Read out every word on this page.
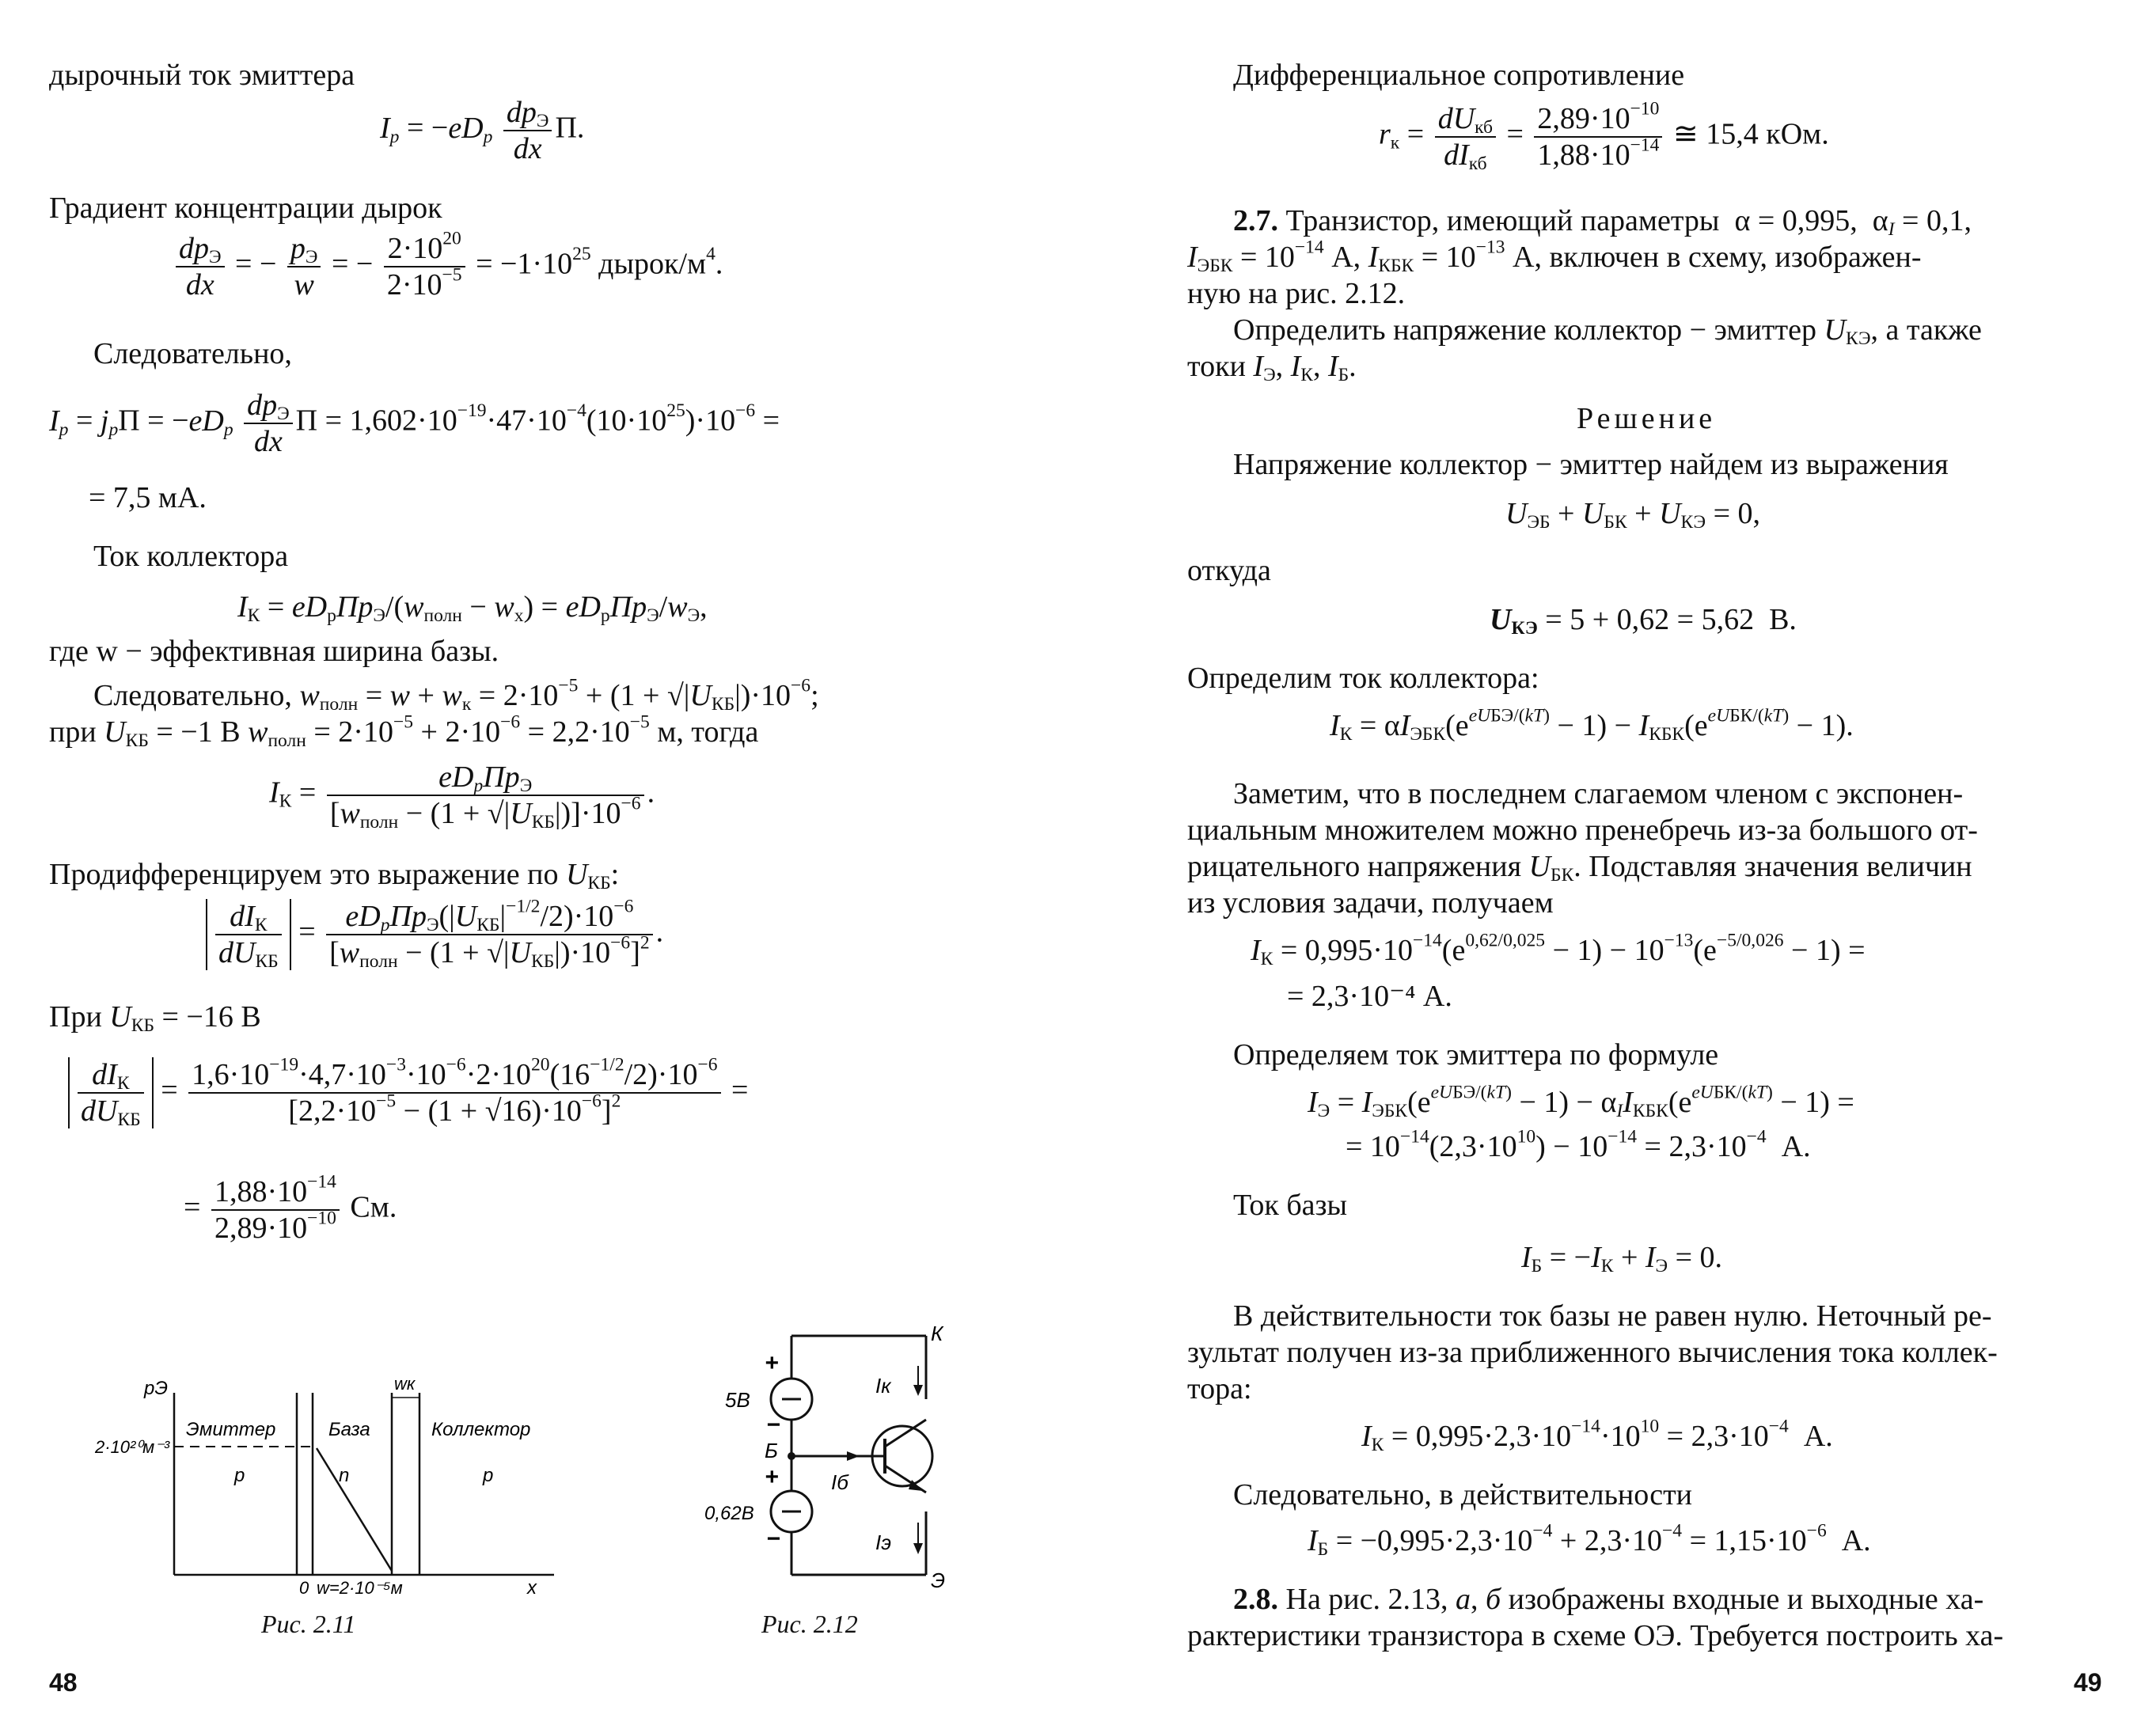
дырочный ток эмиттера
$I_p = -eD_p \frac{dp_Э}{dx} П$.
Градиент концентрации дырок
$\frac{dp_Э}{dx}$ = − $\frac{p_Э}{w}$ = − $\frac{2\cdot 10^{20}}{2\cdot 10^{-5}} = -1\cdot 10^{25}$ дырок/$м^4$.
Следовательно,
$I_p = j_pП = -eD_p \frac{dp_Э}{dx}$ $П = 1,602\cdot 10^{-19}\cdot 47\cdot 10^{-4}(10\cdot 10^{25})\cdot 10^{-6}$ =
= 7,5 мА.
Ток коллектора
$I_К = eD_pПp_Э/(w_{полн} - w_x) = eD_pПp_Э/w_Э$,
где w − эффективная ширина базы.
Следовательно, $w_{полн} = w + w_к = 2\cdot 10^{-5} + (1 + √|U_{КБ}|)\cdot 10^{-6}$;
при $U_{КБ} = -1$ В $w_{полн} = 2\cdot 10^{-5} + 2\cdot 10^{-6} = 2,2\cdot 10^{-5}$ м, тогда
$I_К = \frac{eD_pПp_Э}{[w_{полн} - (1 + √|U_{КБ}|)]\cdot 10^{-6}}$ .
Продифференцируем это выражение по $U_{КБ}$:
$\frac{dI_К}{dU_{КБ}} = \frac{eD_pПp_Э(|U_{КБ}|^{-1/2}/2)\cdot 10^{-6}}{[w_{полн} - (1 + √|U_{КБ}|)\cdot 10^{-6}]^2}$ .
При $U_{КБ} = -16$ В
$\frac{dI_К}{dU_{КБ}} = \frac{1,6\cdot 10^{-19}\cdot 4,7\cdot 10^{-3}\cdot 10^{-6}\cdot 2\cdot 10^{20}(16^{-1/2}/2)\cdot 10^{-6}}{[2,2\cdot 10^{-5} - (1 + √16)\cdot 10^{-6}]^2}$ =
= $\frac{1,88\cdot 10^{-14}}{2,89\cdot 10^{-10}}$ См.
pЭ
2·10²⁰м⁻³
Эмиттер	База	Коллектор
p	n	p
wк
0 w=2·10⁻⁵м	x
Рис. 2.11
К
Э
Б
5В
0,62В
+
−
+
−
Iк
Iб
Iэ
Рис. 2.12
48
Дифференциальное сопротивление
$r_к = \frac{dU_{кб}}{dI_{кб}} = \frac{2,89\cdot 10^{-10}}{1,88\cdot 10^{-14}}$ ≅ 15,4 кОм.
2.7. Транзистор, имеющий параметры  α = 0,995,  $\alpha_I = 0,1$,
$I_{ЭБК} = 10^{-14}$ А, $I_{КБК} = 10^{-13}$ А, включен в схему, изображен-
ную на рис. 2.12.
Определить напряжение коллектор − эмиттер $U_{КЭ}$, а также
токи $I_Э$, $I_К$, $I_Б$.
Решение
Напряжение коллектор − эмиттер найдем из выражения
$U_{ЭБ} + U_{БК} + U_{КЭ} = 0$,
откуда
$U_{КЭ} = 5 + 0,62 = 5,62$  В.
Определим ток коллектора:
$I_К = \alpha I_{ЭБК}(e^{eUБЭ/(kT)} - 1) - I_{КБК}(e^{eUБК/(kT)} - 1)$.
Заметим, что в последнем слагаемом членом с экспонен-
циальным множителем можно пренебречь из-за большого от-
рицательного напряжения $U_{БК}$. Подставляя значения величин
из условия задачи, получаем
$I_К = 0,995\cdot 10^{-14}(e^{0,62/0,025} - 1) - 10^{-13}(e^{-5/0,026} - 1)$ =
= 2,3·10⁻⁴ А.
Определяем ток эмиттера по формуле
$I_Э = I_{ЭБК}(e^{eUБЭ/(kT)} - 1) - \alpha_II_{КБК}(e^{eUБК/(kT)} - 1)$ =
= $10^{-14}(2,3\cdot 10^{10}) - 10^{-14} = 2,3\cdot 10^{-4}$  А.
Ток базы
$I_Б = -I_К + I_Э = 0$.
В действительности ток базы не равен нулю. Неточный ре-
зультат получен из-за приближенного вычисления тока коллек-
тора:
$I_К = 0,995\cdot 2,3\cdot 10^{-14}\cdot 10^{10} = 2,3\cdot 10^{-4}$  А.
Следовательно, в действительности
$I_Б = -0,995\cdot 2,3\cdot 10^{-4} + 2,3\cdot 10^{-4} = 1,15\cdot 10^{-6}$  А.
2.8. На рис. 2.13, а, б изображены входные и выходные ха-
рактеристики транзистора в схеме ОЭ. Требуется построить ха-
49
